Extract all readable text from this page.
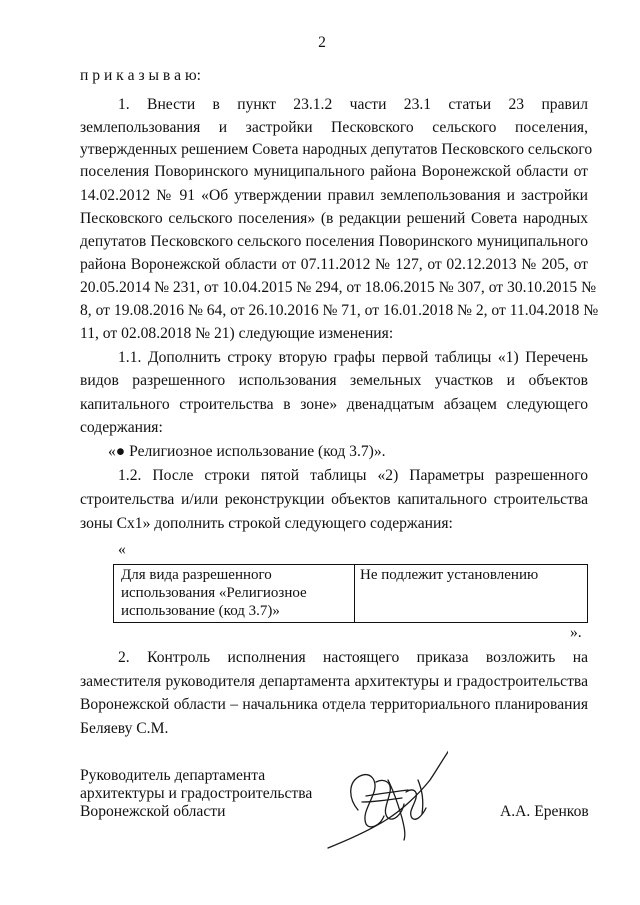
2
п р и к а з ы в а ю:
1. Внести в пункт 23.1.2 части 23.1 статьи 23 правил
землепользования и застройки Песковского сельского поселения,
утвержденных решением Совета народных депутатов Песковского сельского
поселения Поворинского муниципального района Воронежской области от
14.02.2012 № 91 «Об утверждении правил землепользования и застройки
Песковского сельского поселения» (в редакции решений Совета народных
депутатов Песковского сельского поселения Поворинского муниципального
района Воронежской области от 07.11.2012 № 127, от 02.12.2013 № 205, от
20.05.2014 № 231, от 10.04.2015 № 294, от 18.06.2015 № 307, от 30.10.2015 №
8, от 19.08.2016 № 64, от 26.10.2016 № 71, от 16.01.2018 № 2, от 11.04.2018 №
11, от 02.08.2018 № 21) следующие изменения:
1.1. Дополнить строку вторую графы первой таблицы «1) Перечень
видов разрешенного использования земельных участков и объектов
капитального строительства в зоне» двенадцатым абзацем следующего
содержания:
«● Религиозное использование (код 3.7)».
1.2. После строки пятой таблицы «2) Параметры разрешенного
строительства и/или реконструкции объектов капитального строительства
зоны Сх1» дополнить строкой следующего содержания:
«
Для вида разрешенного
использования «Религиозное
использование (код 3.7)»
Не подлежит установлению
».
2. Контроль исполнения настоящего приказа возложить на
заместителя руководителя департамента архитектуры и градостроительства
Воронежской области – начальника отдела территориального планирования
Беляеву С.М.
Руководитель департамента
архитектуры и градостроительства
Воронежской области	А.А. Еренков
